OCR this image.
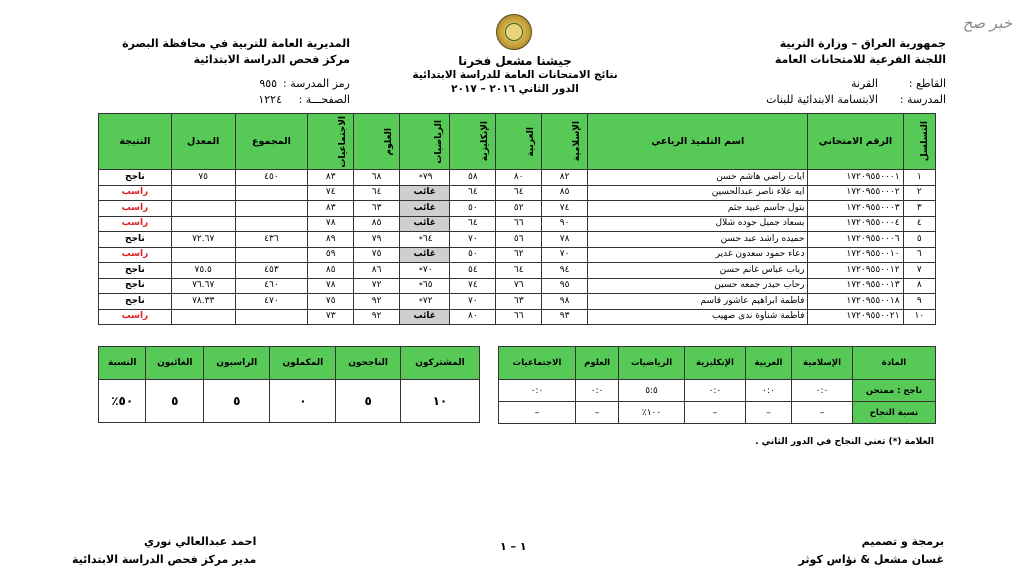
خبر صح
جمهورية العراق – وزارة التربية
اللجنة الفرعية للامتحانات العامة
المديرية العامة للتربية في محافظة البصرة
مركز فحص الدراسة الابتدائية	جيشنا مشعل فخرنا
نتائج الامتحانات العامة للدراسة الابتدائية
الدور الثاني ٢٠١٦ – ٢٠١٧	القاطع :
القرنة
المدرسة :
الابتسامة الابتدائية للبنات
رمز المدرسة :
٩٥٥
الصفحـــة :
١٢٢٤
التسلسل	الرقم الامتحاني	اسم التلميذ الرباعي	الإسلامية	العربية	الإنكليزية	الرياضيات	العلوم	الاجتماعيات	المجموع	المعدل	النتيجة
١	١٧٢٠٩٥٥٠٠٠١	ايات راضي هاشم حسن	٨٢	٨٠	٥٨	٧٩*	٦٨	٨٣	٤٥٠	٧٥	ناجح
٢	١٧٢٠٩٥٥٠٠٠٢	ايه علاء ناصر عبدالحسين	٨٥	٦٤	٦٤	غائب	٦٤	٧٤			راسب
٣	١٧٢٠٩٥٥٠٠٠٣	بتول جاسم عبيد جثم	٧٤	٥٢	٥٠	غائب	٦٣	٨٣			راسب
٤	١٧٢٠٩٥٥٠٠٠٤	بسعاد جميل جوده شلال	٩٠	٦٦	٦٤	غائب	٨٥	٧٨			راسب
٥	١٧٢٠٩٥٥٠٠٠٦	حميده راشد عبد حسن	٧٨	٥٦	٧٠	٦٤*	٧٩	٨٩	٤٣٦	٧٢.٦٧	ناجح
٦	١٧٢٠٩٥٥٠٠١٠	دعاء حمود سعدون غدير	٧٠	٦٢	٥٠	غائب	٧٥	٥٩			راسب
٧	١٧٢٠٩٥٥٠٠١٢	رباب عباس غانم حسن	٩٤	٦٤	٥٤	٧٠*	٨٦	٨٥	٤٥٣	٧٥.٥	ناجح
٨	١٧٢٠٩٥٥٠٠١٣	رحاب حيدر جمعه حسين	٩٥	٧٦	٧٤	٦٥*	٧٢	٧٨	٤٦٠	٧٦.٦٧	ناجح
٩	١٧٢٠٩٥٥٠٠١٨	فاطمة ابراهيم عاشور قاسم	٩٨	٦٣	٧٠	٧٢*	٩٢	٧٥	٤٧٠	٧٨.٣٣	ناجح
١٠	١٧٢٠٩٥٥٠٠٢١	فاطمة شناوة ندى صهيب	٩٣	٦٦	٨٠	غائب	٩٢	٧٣			راسب
المشتركون	الناجحون	المكملون	الراسبون	الغائبون	النسبة
١٠	٥	٠	٥	٥	٥٠٪
المادة	الإسلامية	العربية	الإنكليزية	الرياضيات	العلوم	الاجتماعيات
ناجح : ممتحن	٠:٠	٠:٠	٠:٠	٥:٥	٠:٠	٠:٠
نسبة النجاح	–	–	–	١٠٠٪	–	–
العلامة (*) تعني النجاح في الدور الثاني .
برمجة و تصميم
غسان مشعل & نؤاس كوثر
١ – ١
احمد عبدالعالي نوري
مدير مركز فحص الدراسة الابتدائية
